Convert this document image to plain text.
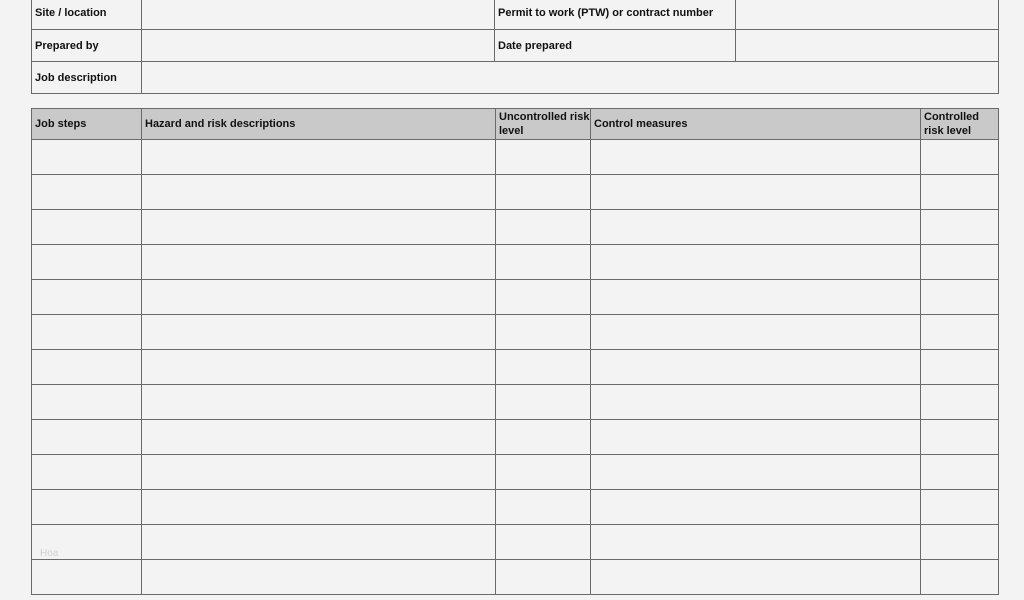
Site / location		Permit to work (PTW) or contract number	
Prepared by		Date prepared	
Job description			
Job steps	Hazard and risk descriptions	Uncontrolled risk level	Control measures	Controlled risk level

Hoa
